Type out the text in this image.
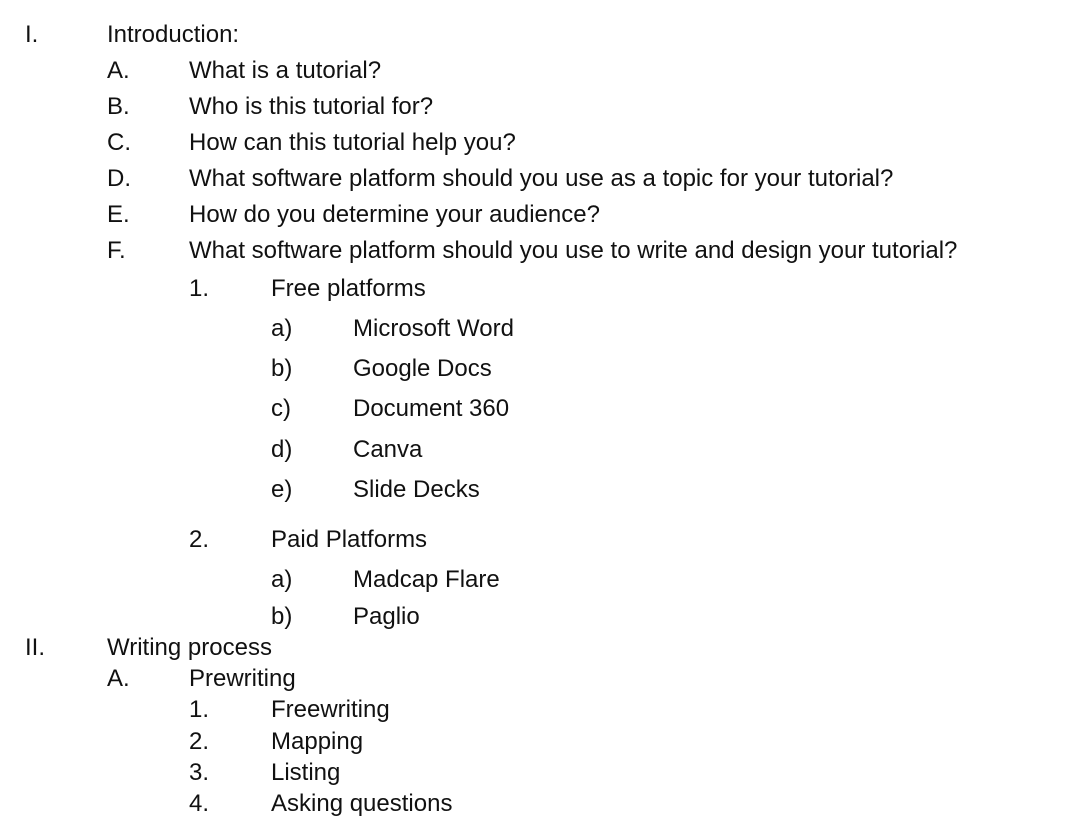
I.	Introduction:
A. What is a tutorial?
B. Who is this tutorial for?
C. How can this tutorial help you?
D. What software platform should you use as a topic for your tutorial?
E. How do you determine your audience?
F.	What software platform should you use to write and design your tutorial?
1.	Free platforms
a)	Microsoft Word
b)	Google Docs
c)	Document 360
d)	Canva
e)	Slide Decks
2.	Paid Platforms
a)	Madcap Flare
b)	Paglio
II.	Writing process
A. Prewriting
1.	Freewriting
2.	Mapping
3.	Listing
4.	Asking questions
